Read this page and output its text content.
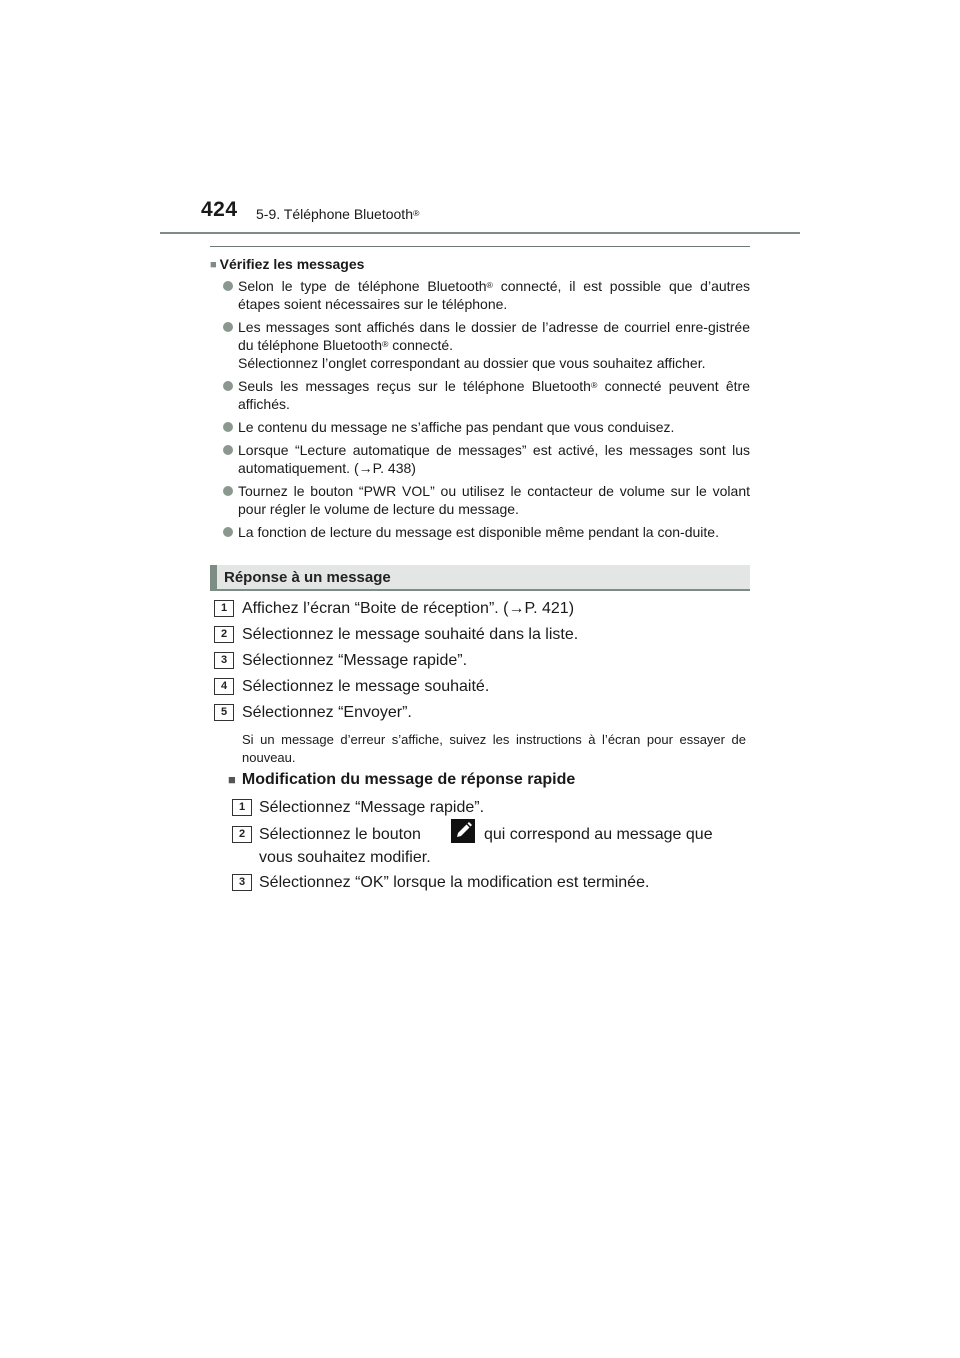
424 5-9. Téléphone Bluetooth®
■ Vérifiez les messages
Selon le type de téléphone Bluetooth® connecté, il est possible que d’autres étapes soient nécessaires sur le téléphone.
Les messages sont affichés dans le dossier de l’adresse de courriel enre-gistrée du téléphone Bluetooth® connecté.
Sélectionnez l’onglet correspondant au dossier que vous souhaitez afficher.
Seuls les messages reçus sur le téléphone Bluetooth® connecté peuvent être affichés.
Le contenu du message ne s’affiche pas pendant que vous conduisez.
Lorsque “Lecture automatique de messages” est activé, les messages sont lus automatiquement. (→P. 438)
Tournez le bouton “PWR VOL” ou utilisez le contacteur de volume sur le volant pour régler le volume de lecture du message.
La fonction de lecture du message est disponible même pendant la con-duite.
Réponse à un message
1 Affichez l’écran “Boite de réception”. (→P. 421)
2 Sélectionnez le message souhaité dans la liste.
3 Sélectionnez “Message rapide”.
4 Sélectionnez le message souhaité.
5 Sélectionnez “Envoyer”.
Si un message d’erreur s’affiche, suivez les instructions à l’écran pour essayer de nouveau.
■ Modification du message de réponse rapide
1 Sélectionnez “Message rapide”.
2 Sélectionnez le bouton	qui correspond au message que
vous souhaitez modifier.
3 Sélectionnez “OK” lorsque la modification est terminée.
